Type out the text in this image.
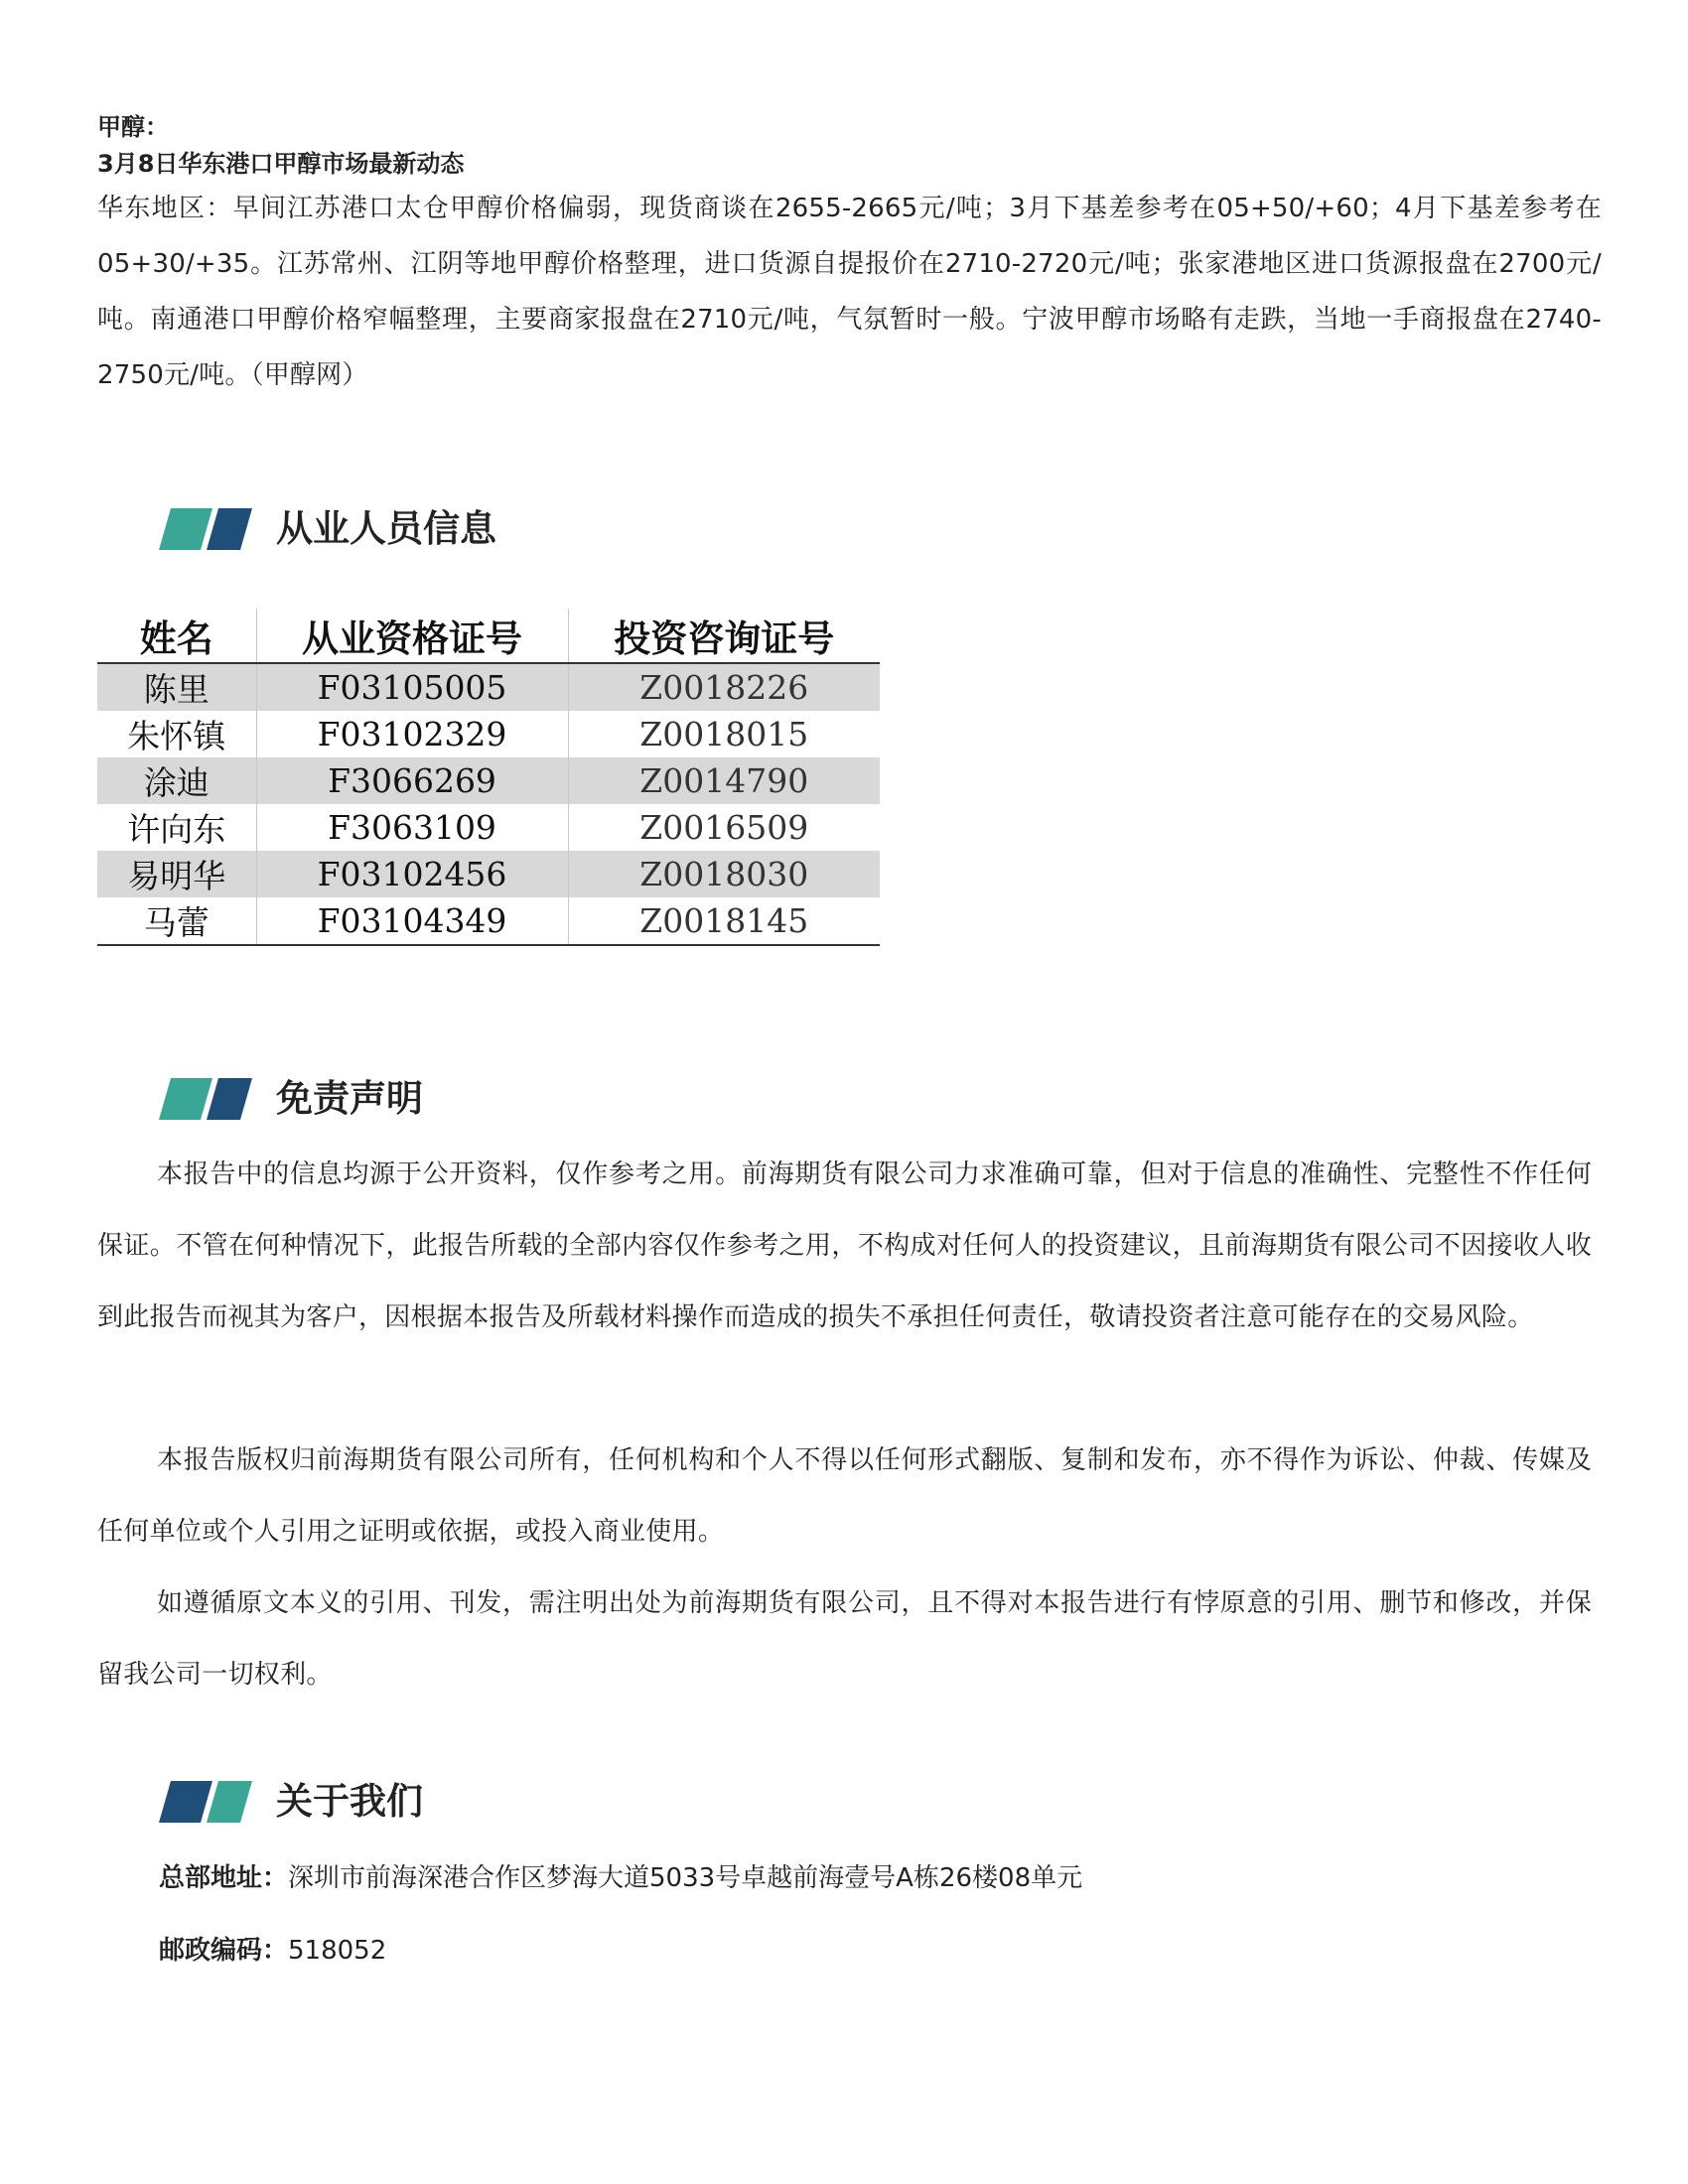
甲醇：
3月8日华东港口甲醇市场最新动态
华东地区：早间江苏港口太仓甲醇价格偏弱，现货商谈在2655-2665元/吨；3月下基差参考在05+50/+60；4月下基差参考在05+30/+35。江苏常州、江阴等地甲醇价格整理，进口货源自提报价在2710-2720元/吨；张家港地区进口货源报盘在2700元/吨。南通港口甲醇价格窄幅整理，主要商家报盘在2710元/吨，气氛暂时一般。宁波甲醇市场略有走跌，当地一手商报盘在2740-2750元/吨。（甲醇网）
从业人员信息
姓名	从业资格证号	投资咨询证号
陈里	F03105005	Z0018226
朱怀镇	F03102329	Z0018015
涂迪	F3066269	Z0014790
许向东	F3063109	Z0016509
易明华	F03102456	Z0018030
马蕾	F03104349	Z0018145
免责声明
本报告中的信息均源于公开资料，仅作参考之用。前海期货有限公司力求准确可靠，但对于信息的准确性、完整性不作任何保证。不管在何种情况下，此报告所载的全部内容仅作参考之用，不构成对任何人的投资建议，且前海期货有限公司不因接收人收到此报告而视其为客户，因根据本报告及所载材料操作而造成的损失不承担任何责任，敬请投资者注意可能存在的交易风险。
本报告版权归前海期货有限公司所有，任何机构和个人不得以任何形式翻版、复制和发布，亦不得作为诉讼、仲裁、传媒及任何单位或个人引用之证明或依据，或投入商业使用。
如遵循原文本义的引用、刊发，需注明出处为前海期货有限公司，且不得对本报告进行有悖原意的引用、删节和修改，并保留我公司一切权利。
关于我们
总部地址：深圳市前海深港合作区梦海大道5033号卓越前海壹号A栋26楼08单元
邮政编码：518052
